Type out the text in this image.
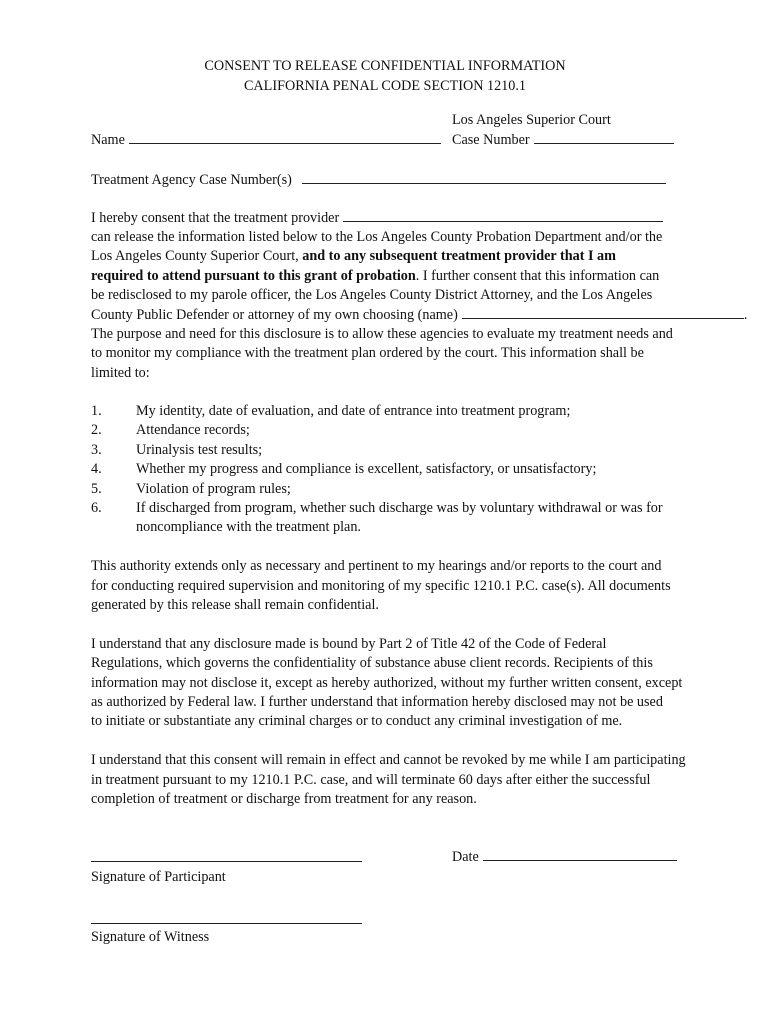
CONSENT TO RELEASE CONFIDENTIAL INFORMATION
CALIFORNIA PENAL CODE SECTION 1210.1
Los Angeles Superior Court
Name	Case Number
Treatment Agency Case Number(s)
I hereby consent that the treatment provider
can release the information listed below to the Los Angeles County Probation Department and/or the
Los Angeles County Superior Court, and to any subsequent treatment provider that I am
required to attend pursuant to this grant of probation. I further consent that this information can
be redisclosed to my parole officer, the Los Angeles County District Attorney, and the Los Angeles
County Public Defender or attorney of my own choosing (name)	.
The purpose and need for this disclosure is to allow these agencies to evaluate my treatment needs and
to monitor my compliance with the treatment plan ordered by the court. This information shall be
limited to:
1. My identity, date of evaluation, and date of entrance into treatment program;
2. Attendance records;
3. Urinalysis test results;
4. Whether my progress and compliance is excellent, satisfactory, or unsatisfactory;
5. Violation of program rules;
6. If discharged from program, whether such discharge was by voluntary withdrawal or was for
noncompliance with the treatment plan.
This authority extends only as necessary and pertinent to my hearings and/or reports to the court and
for conducting required supervision and monitoring of my specific 1210.1 P.C. case(s). All documents
generated by this release shall remain confidential.
I understand that any disclosure made is bound by Part 2 of Title 42 of the Code of Federal
Regulations, which governs the confidentiality of substance abuse client records. Recipients of this
information may not disclose it, except as hereby authorized, without my further written consent, except
as authorized by Federal law. I further understand that information hereby disclosed may not be used
to initiate or substantiate any criminal charges or to conduct any criminal investigation of me.
I understand that this consent will remain in effect and cannot be revoked by me while I am participating
in treatment pursuant to my 1210.1 P.C. case, and will terminate 60 days after either the successful
completion of treatment or discharge from treatment for any reason.
Date
Signature of Participant
Signature of Witness
